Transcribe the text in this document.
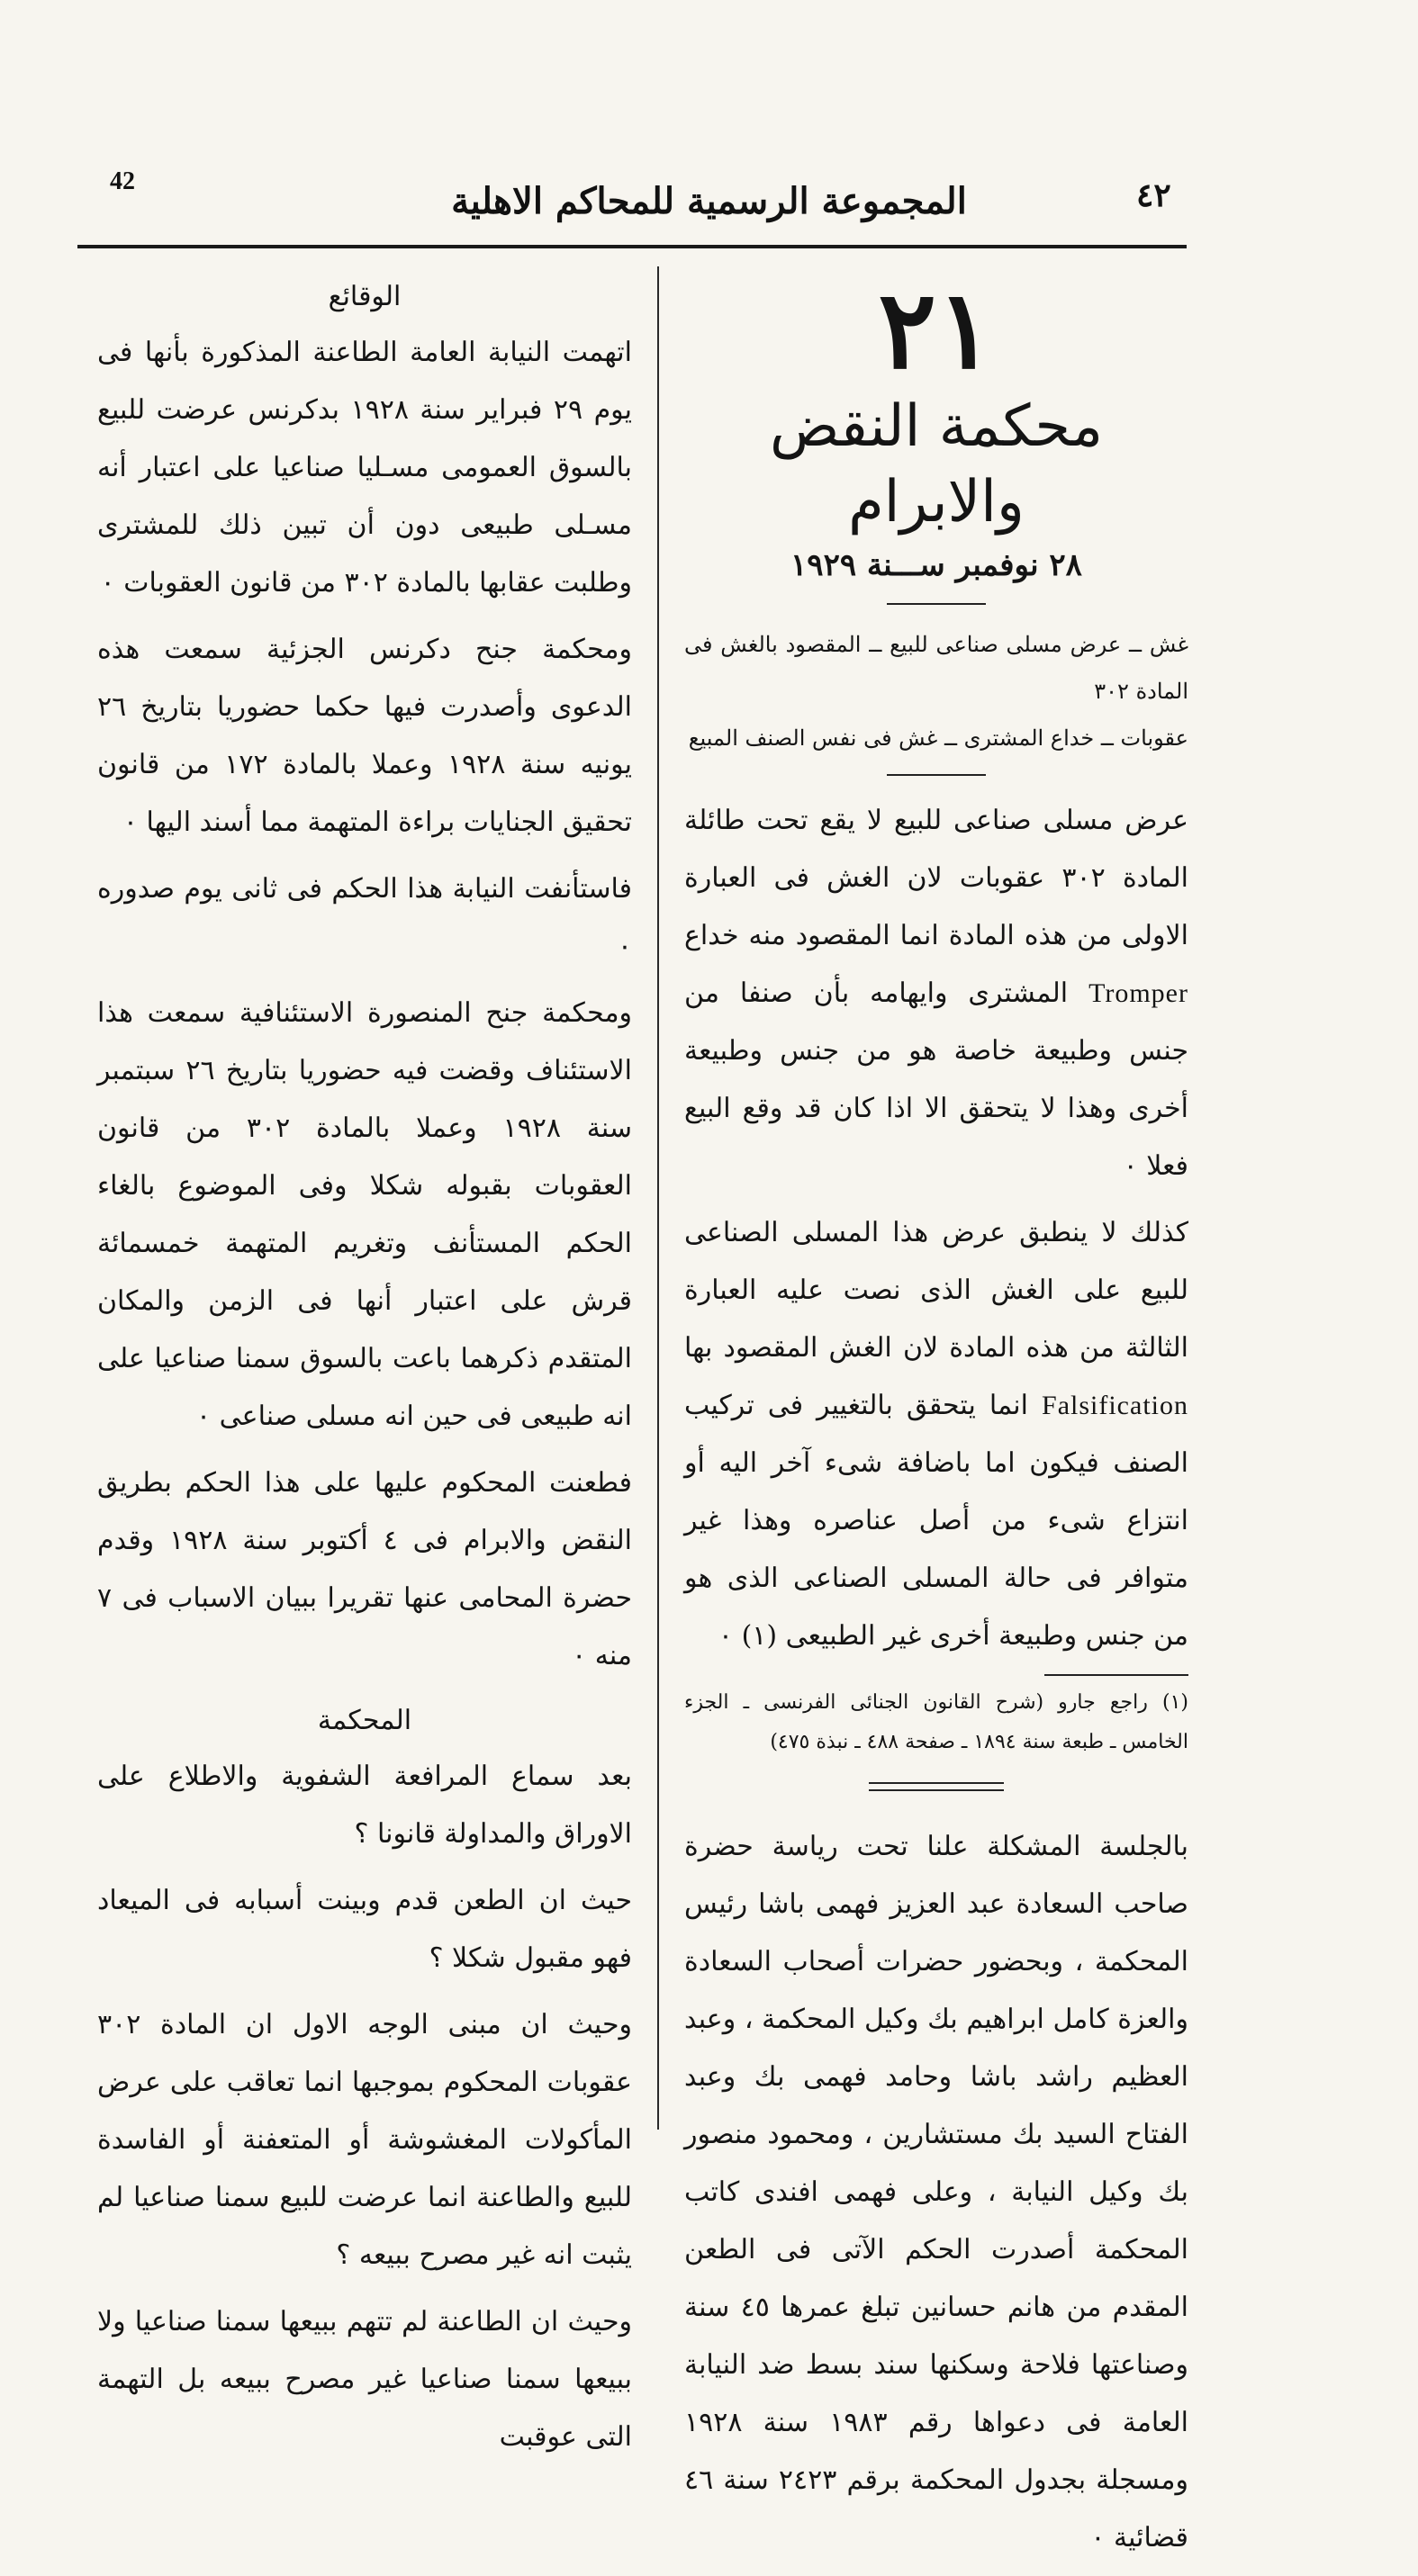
42	المجموعة الرسمية للمحاكم الاهلية	٤٢
٢١
محكمة النقض والابرام
٢٨ نوفمبر ســـنة ١٩٢٩

غش ــ عرض مسلى صناعى للبيع ــ المقصود بالغش فى المادة ٣٠٢

عقوبات ــ خداع المشترى ــ غش فى نفس الصنف المبيع

عرض مسلى صناعى للبيع لا يقع تحت طائلة المادة ٣٠٢ عقوبات لان الغش فى العبارة الاولى من هذه المادة انما المقصود منه خداع Tromper المشترى وايهامه بأن صنفا من جنس وطبيعة خاصة هو من جنس وطبيعة أخرى وهذا لا يتحقق الا اذا كان قد وقع البيع فعلا ٠

كذلك لا ينطبق عرض هذا المسلى الصناعى للبيع على الغش الذى نصت عليه العبارة الثالثة من هذه المادة لان الغش المقصود بها Falsification انما يتحقق بالتغيير فى تركيب الصنف فيكون اما باضافة شىء آخر اليه أو انتزاع شىء من أصل عناصره وهذا غير متوافر فى حالة المسلى الصناعى الذى هو من جنس وطبيعة أخرى غير الطبيعى (١) ٠

(١) راجع جارو (شرح القانون الجنائى الفرنسى ـ الجزء الخامس ـ طبعة سنة ١٨٩٤ ـ صفحة ٤٨٨ ـ نبذة ٤٧٥)

بالجلسة المشكلة علنا تحت رياسة حضرة صاحب السعادة عبد العزيز فهمى باشا رئيس المحكمة ، وبحضور حضرات أصحاب السعادة والعزة كامل ابراهيم بك وكيل المحكمة ، وعبد العظيم راشد باشا وحامد فهمى بك وعبد الفتاح السيد بك مستشارين ، ومحمود منصور بك وكيل النيابة ، وعلى فهمى افندى كاتب المحكمة أصدرت الحكم الآتى فى الطعن المقدم من هانم حسانين تبلغ عمرها ٤٥ سنة وصناعتها فلاحة وسكنها سند بسط ضد النيابة العامة فى دعواها رقم ١٩٨٣ سنة ١٩٢٨ ومسجلة بجدول المحكمة برقم ٢٤٢٣ سنة ٤٦ قضائية ٠

الوقائع

اتهمت النيابة العامة الطاعنة المذكورة بأنها فى يوم ٢٩ فبراير سنة ١٩٢٨ بدكرنس عرضت للبيع بالسوق العمومى مسـليا صناعيا على اعتبار أنه مسـلى طبيعى دون أن تبين ذلك للمشترى وطلبت عقابها بالمادة ٣٠٢ من قانون العقوبات ٠

ومحكمة جنح دكرنس الجزئية سمعت هذه الدعوى وأصدرت فيها حكما حضوريا بتاريخ ٢٦ يونيه سنة ١٩٢٨ وعملا بالمادة ١٧٢ من قانون تحقيق الجنايات براءة المتهمة مما أسند اليها ٠

فاستأنفت النيابة هذا الحكم فى ثانى يوم صدوره ٠

ومحكمة جنح المنصورة الاستئنافية سمعت هذا الاستئناف وقضت فيه حضوريا بتاريخ ٢٦ سبتمبر سنة ١٩٢٨ وعملا بالمادة ٣٠٢ من قانون العقوبات بقبوله شكلا وفى الموضوع بالغاء الحكم المستأنف وتغريم المتهمة خمسمائة قرش على اعتبار أنها فى الزمن والمكان المتقدم ذكرهما باعت بالسوق سمنا صناعيا على انه طبيعى فى حين انه مسلى صناعى ٠

فطعنت المحكوم عليها على هذا الحكم بطريق النقض والابرام فى ٤ أكتوبر سنة ١٩٢٨ وقدم حضرة المحامى عنها تقريرا ببيان الاسباب فى ٧ منه ٠

المحكمة

بعد سماع المرافعة الشفوية والاطلاع على الاوراق والمداولة قانونا ؟

حيث ان الطعن قدم وبينت أسبابه فى الميعاد فهو مقبول شكلا ؟

وحيث ان مبنى الوجه الاول ان المادة ٣٠٢ عقوبات المحكوم بموجبها انما تعاقب على عرض المأكولات المغشوشة أو المتعفنة أو الفاسدة للبيع والطاعنة انما عرضت للبيع سمنا صناعيا لم يثبت انه غير مصرح ببيعه ؟

وحيث ان الطاعنة لم تتهم ببيعها سمنا صناعيا ولا ببيعها سمنا صناعيا غير مصرح ببيعه بل التهمة التى عوقبت
